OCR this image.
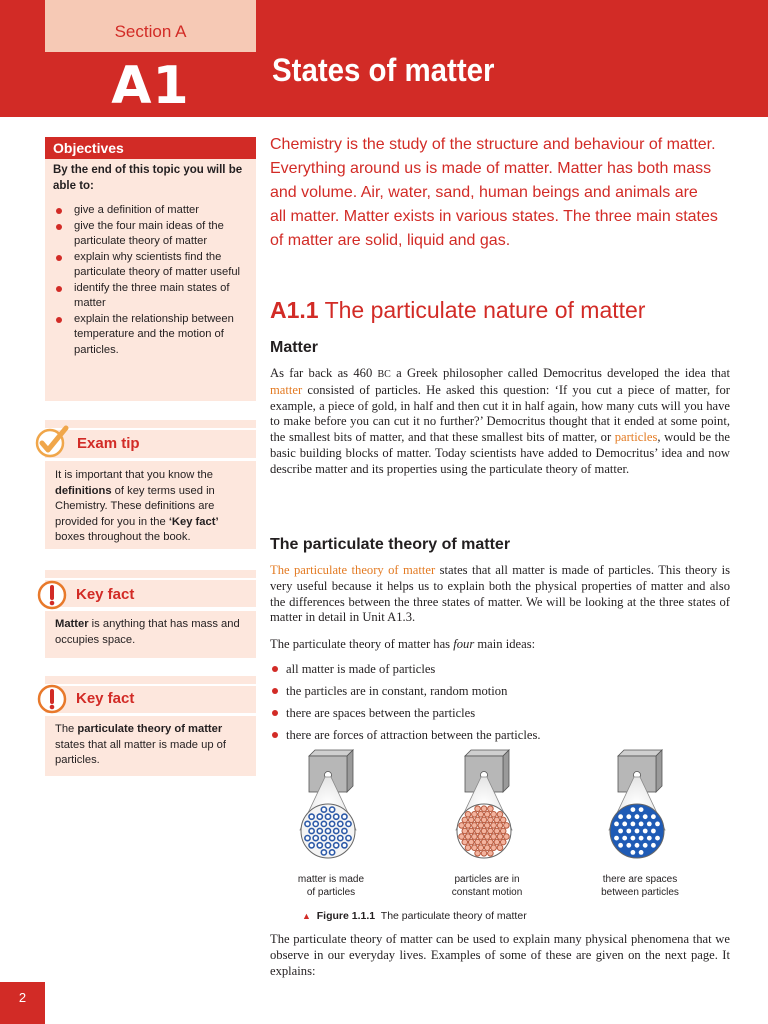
Section A
A1	States of matter
Objectives
By the end of this topic you will be able to:
give a definition of matter
give the four main ideas of the particulate theory of matter
explain why scientists find the particulate theory of matter useful
identify the three main states of matter
explain the relationship between temperature and the motion of particles.
Exam tip
It is important that you know the definitions of key terms used in Chemistry. These definitions are provided for you in the ‘Key fact’ boxes throughout the book.
Key fact
Matter is anything that has mass and occupies space.
Key fact
The particulate theory of matter states that all matter is made up of particles.
Chemistry is the study of the structure and behaviour of matter. Everything around us is made of matter. Matter has both mass and volume. Air, water, sand, human beings and animals are all matter. Matter exists in various states. The three main states of matter are solid, liquid and gas.
A1.1 The particulate nature of matter
Matter
As far back as 460 BC a Greek philosopher called Democritus developed the idea that matter consisted of particles. He asked this question: ‘If you cut a piece of matter, for example, a piece of gold, in half and then cut it in half again, how many cuts will you have to make before you can cut it no further?’ Democritus thought that it ended at some point, the smallest bits of matter, and that these smallest bits of matter, or particles, would be the basic building blocks of matter. Today scientists have added to Democritus’ idea and now describe matter and its properties using the particulate theory of matter.
The particulate theory of matter
The particulate theory of matter states that all matter is made of particles. This theory is very useful because it helps us to explain both the physical properties of matter and also the differences between the three states of matter. We will be looking at the three states of matter in detail in Unit A1.3.
The particulate theory of matter has four main ideas:
all matter is made of particles
the particles are in constant, random motion
there are spaces between the particles
there are forces of attraction between the particles.
matter is made
of particles
particles are in
constant motion
there are spaces
between particles
▲ Figure 1.1.1 The particulate theory of matter
The particulate theory of matter can be used to explain many physical phenomena that we observe in our everyday lives. Examples of some of these are given on the next page. It explains:
2
